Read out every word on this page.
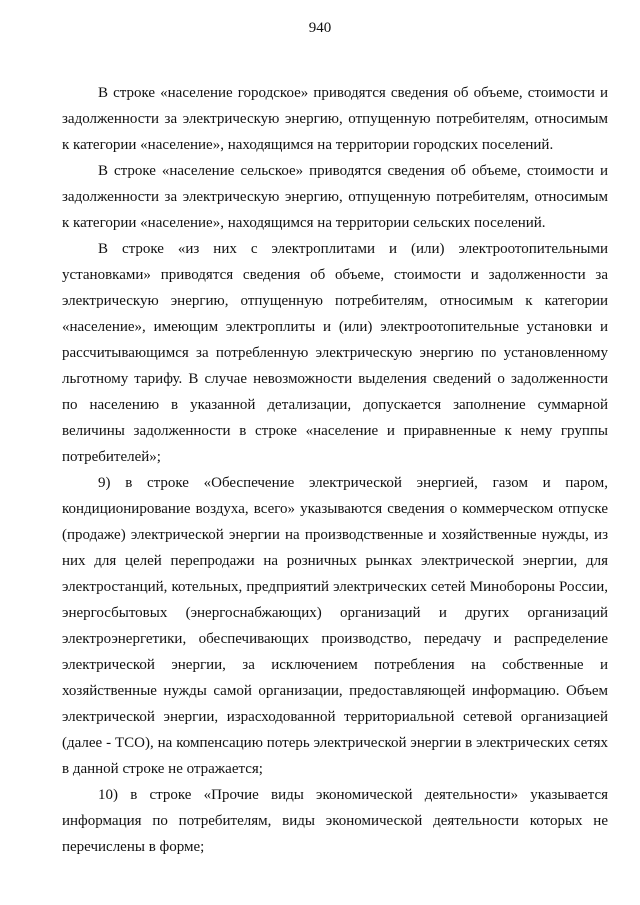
940

В строке «население городское» приводятся сведения об объеме, стоимости и задолженности за электрическую энергию, отпущенную потребителям, относимым к категории «население», находящимся на территории городских поселений.

В строке «население сельское» приводятся сведения об объеме, стоимости и задолженности за электрическую энергию, отпущенную потребителям, относимым к категории «население», находящимся на территории сельских поселений.

В строке «из них с электроплитами и (или) электроотопительными установками» приводятся сведения об объеме, стоимости и задолженности за электрическую энергию, отпущенную потребителям, относимым к категории «население», имеющим электроплиты и (или) электроотопительные установки и рассчитывающимся за потребленную электрическую энергию по установленному льготному тарифу. В случае невозможности выделения сведений о задолженности по населению в указанной детализации, допускается заполнение суммарной величины задолженности в строке «население и приравненные к нему группы потребителей»;

9) в строке «Обеспечение электрической энергией, газом и паром, кондиционирование воздуха, всего» указываются сведения о коммерческом отпуске (продаже) электрической энергии на производственные и хозяйственные нужды, из них для целей перепродажи на розничных рынках электрической энергии, для электростанций, котельных, предприятий электрических сетей Минобороны России, энергосбытовых (энергоснабжающих) организаций и других организаций электроэнергетики, обеспечивающих производство, передачу и распределение электрической энергии, за исключением потребления на собственные и хозяйственные нужды самой организации, предоставляющей информацию. Объем электрической энергии, израсходованной территориальной сетевой организацией (далее - ТСО), на компенсацию потерь электрической энергии в электрических сетях в данной строке не отражается;

10) в строке «Прочие виды экономической деятельности» указывается информация по потребителям, виды экономической деятельности которых не перечислены в форме;
